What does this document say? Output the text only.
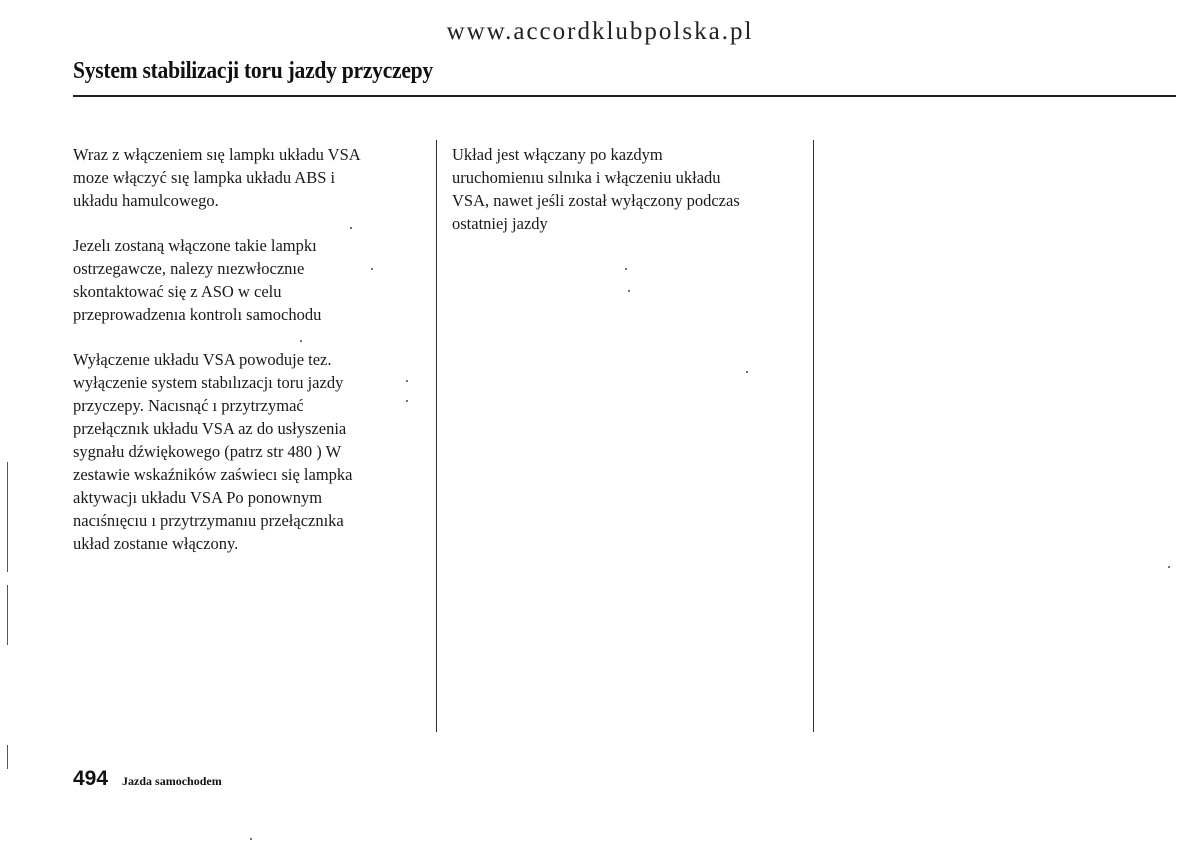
www.accordklubpolska.pl
System stabilizacji toru jazdy przyczepy

Wraz z włączeniem sıę lampkı układu VSA
moze włączyć sıę lampka układu ABS i
układu hamulcowego.

Jezelı zostaną włączone takie lampkı
ostrzegawcze, nalezy nıezwłocznıe
skontaktować się z ASO w celu
przeprowadzenıa kontrolı samochodu

Wyłączenıe układu VSA powoduje tez.
wyłączenie system stabılızacjı toru jazdy
przyczepy. Nacısnąć ı przytrzymać
przełącznık układu VSA az do usłyszenia
sygnału dźwiękowego (patrz str 480 ) W
zestawie wskaźników zaświecı się lampka
aktywacjı układu VSA Po ponownym
nacıśnıęcıu ı przytrzymanıu przełącznıka
układ zostanıe włączony.

Układ jest włączany po kazdym
uruchomienıu sılnıka i włączeniu układu
VSA, nawet jeśli został wyłączony podczas
ostatniej jazdy

494 Jazda samochodem
